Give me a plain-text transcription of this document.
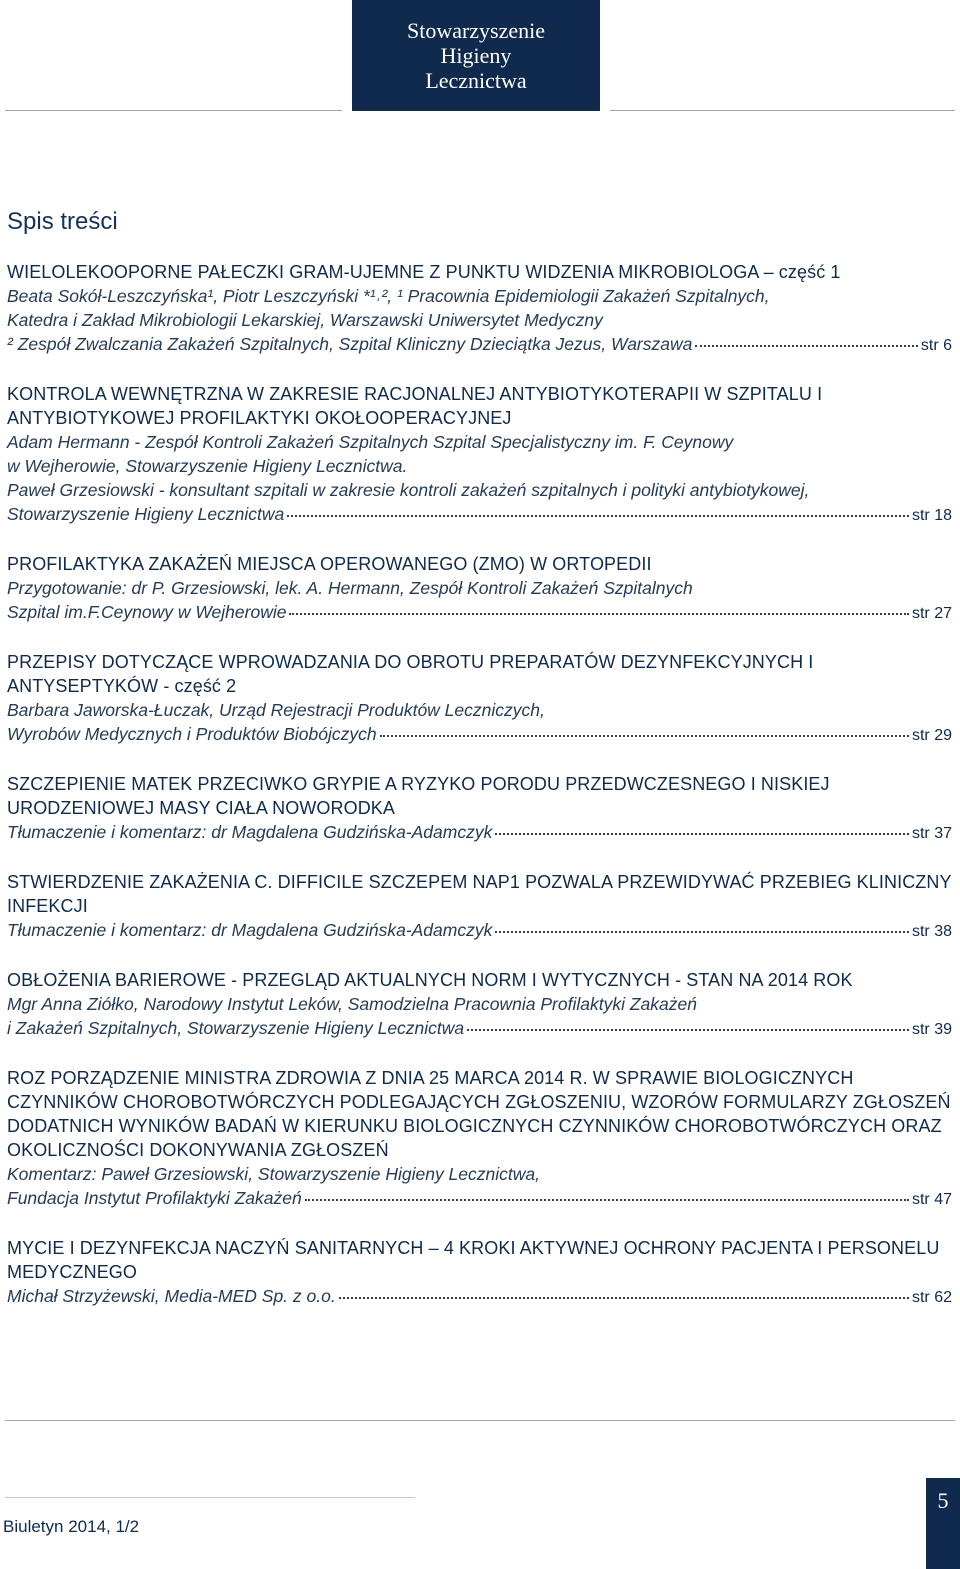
Stowarzyszenie
Higieny
Lecznictwa
Spis treści
WIELOLEKOOPORNE PAŁECZKI GRAM-UJEMNE Z PUNKTU WIDZENIA MIKROBIOLOGA – część 1
Beata Sokół-Leszczyńska¹, Piotr Leszczyński *¹˒², ¹ Pracownia Epidemiologii Zakażeń Szpitalnych,
Katedra i Zakład Mikrobiologii Lekarskiej, Warszawski Uniwersytet Medyczny
² Zespół Zwalczania Zakażeń Szpitalnych, Szpital Kliniczny Dzieciątka Jezus, Warszawa	str 6
KONTROLA WEWNĘTRZNA W ZAKRESIE RACJONALNEJ ANTYBIOTYKOTERAPII W SZPITALU I ANTYBIOTYKOWEJ PROFILAKTYKI OKOŁOOPERACYJNEJ
Adam Hermann - Zespół Kontroli Zakażeń Szpitalnych Szpital Specjalistyczny im. F. Ceynowy
w Wejherowie, Stowarzyszenie Higieny Lecznictwa.
Paweł Grzesiowski - konsultant szpitali w zakresie kontroli zakażeń szpitalnych i polityki antybiotykowej,
Stowarzyszenie Higieny Lecznictwa	str 18
PROFILAKTYKA ZAKAŻEŃ MIEJSCA OPEROWANEGO (ZMO) W ORTOPEDII
Przygotowanie: dr P. Grzesiowski, lek. A. Hermann, Zespół Kontroli Zakażeń Szpitalnych
Szpital im.F.Ceynowy w Wejherowie	str 27
PRZEPISY DOTYCZĄCE WPROWADZANIA DO OBROTU PREPARATÓW DEZYNFEKCYJNYCH I ANTYSEPTYKÓW - część 2
Barbara Jaworska-Łuczak, Urząd Rejestracji Produktów Leczniczych,
Wyrobów Medycznych i Produktów Biobójczych	str 29
SZCZEPIENIE MATEK PRZECIWKO GRYPIE A RYZYKO PORODU PRZEDWCZESNEGO I NISKIEJ URODZENIOWEJ MASY CIAŁA NOWORODKA
Tłumaczenie i komentarz: dr Magdalena Gudzińska-Adamczyk	str 37
STWIERDZENIE ZAKAŻENIA C. DIFFICILE SZCZEPEM NAP1 POZWALA PRZEWIDYWAĆ PRZEBIEG KLINICZNY INFEKCJI
Tłumaczenie i komentarz: dr Magdalena Gudzińska-Adamczyk	str 38
OBŁOŻENIA BARIEROWE - PRZEGLĄD AKTUALNYCH NORM I WYTYCZNYCH - STAN NA 2014 ROK
Mgr Anna Ziółko, Narodowy Instytut Leków, Samodzielna Pracownia Profilaktyki Zakażeń
i Zakażeń Szpitalnych, Stowarzyszenie Higieny Lecznictwa	str 39
ROZ PORZĄDZENIE MINISTRA ZDROWIA Z DNIA 25 MARCA 2014 R. W SPRAWIE BIOLOGICZNYCH CZYNNIKÓW CHOROBOTWÓRCZYCH PODLEGAJĄCYCH ZGŁOSZENIU, WZORÓW FORMULARZY ZGŁOSZEŃ DODATNICH WYNIKÓW BADAŃ W KIERUNKU BIOLOGICZNYCH CZYNNIKÓW CHOROBOTWÓRCZYCH ORAZ OKOLICZNOŚCI DOKONYWANIA ZGŁOSZEŃ
Komentarz: Paweł Grzesiowski, Stowarzyszenie Higieny Lecznictwa,
Fundacja Instytut Profilaktyki Zakażeń	str 47
MYCIE I DEZYNFEKCJA NACZYŃ SANITARNYCH – 4 KROKI AKTYWNEJ OCHRONY PACJENTA I PERSONELU MEDYCZNEGO
Michał Strzyżewski, Media-MED Sp. z o.o.	str 62
Biuletyn 2014, 1/2
5
